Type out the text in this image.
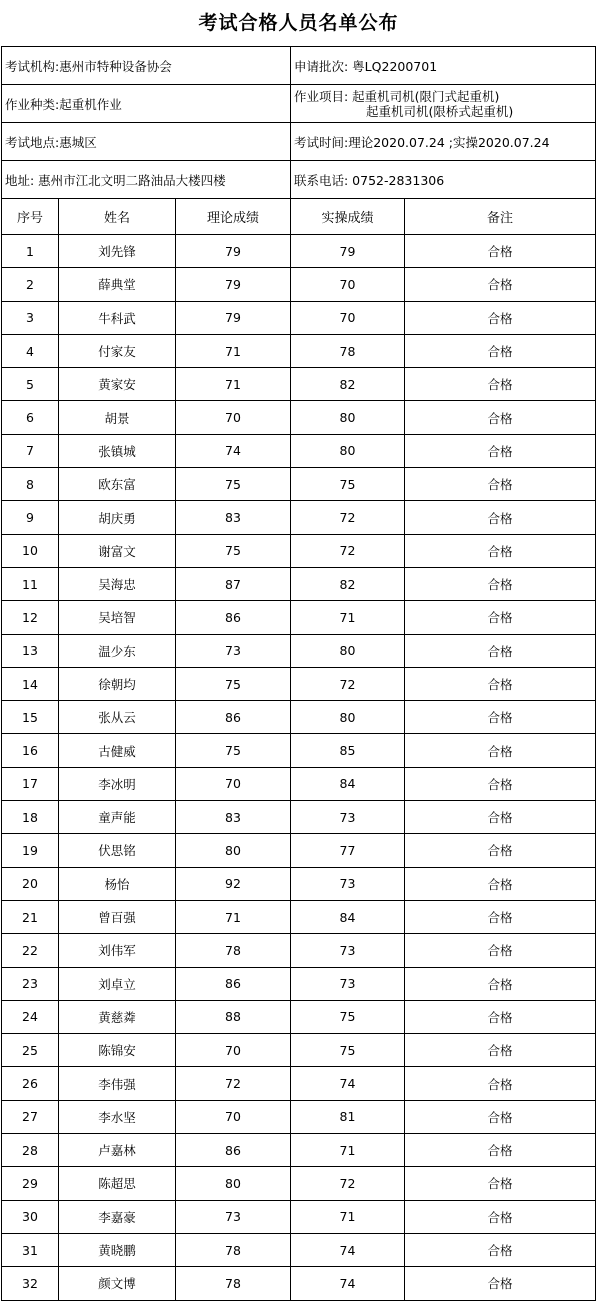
考试合格人员名单公布
考试机构:惠州市特种设备协会			申请批次: 粤LQ2200701	
作业种类:起重机作业			作业项目: 起重机司机(限门式起重机)
起重机司机(限桥式起重机)	

考试地点:惠城区			考试时间:理论2020.07.24 ;实操2020.07.24	
地址: 惠州市江北文明二路油品大楼四楼			联系电话: 0752-2831306	
序号	姓名	理论成绩	实操成绩	备注
1	刘先锋	79	79	合格
2	薛典堂	79	70	合格
3	牛科武	79	70	合格
4	付家友	71	78	合格
5	黄家安	71	82	合格
6	胡景	70	80	合格
7	张镇城	74	80	合格
8	欧东富	75	75	合格
9	胡庆勇	83	72	合格
10	谢富文	75	72	合格
11	吴海忠	87	82	合格
12	吴培智	86	71	合格
13	温少东	73	80	合格
14	徐朝均	75	72	合格
15	张从云	86	80	合格
16	古健威	75	85	合格
17	李冰明	70	84	合格
18	童声能	83	73	合格
19	伏思铭	80	77	合格
20	杨怡	92	73	合格
21	曾百强	71	84	合格
22	刘伟军	78	73	合格
23	刘卓立	86	73	合格
24	黄慈粦	88	75	合格
25	陈锦安	70	75	合格
26	李伟强	72	74	合格
27	李水坚	70	81	合格
28	卢嘉林	86	71	合格
29	陈超思	80	72	合格
30	李嘉豪	73	71	合格
31	黄晓鹏	78	74	合格
32	颜文博	78	74	合格
